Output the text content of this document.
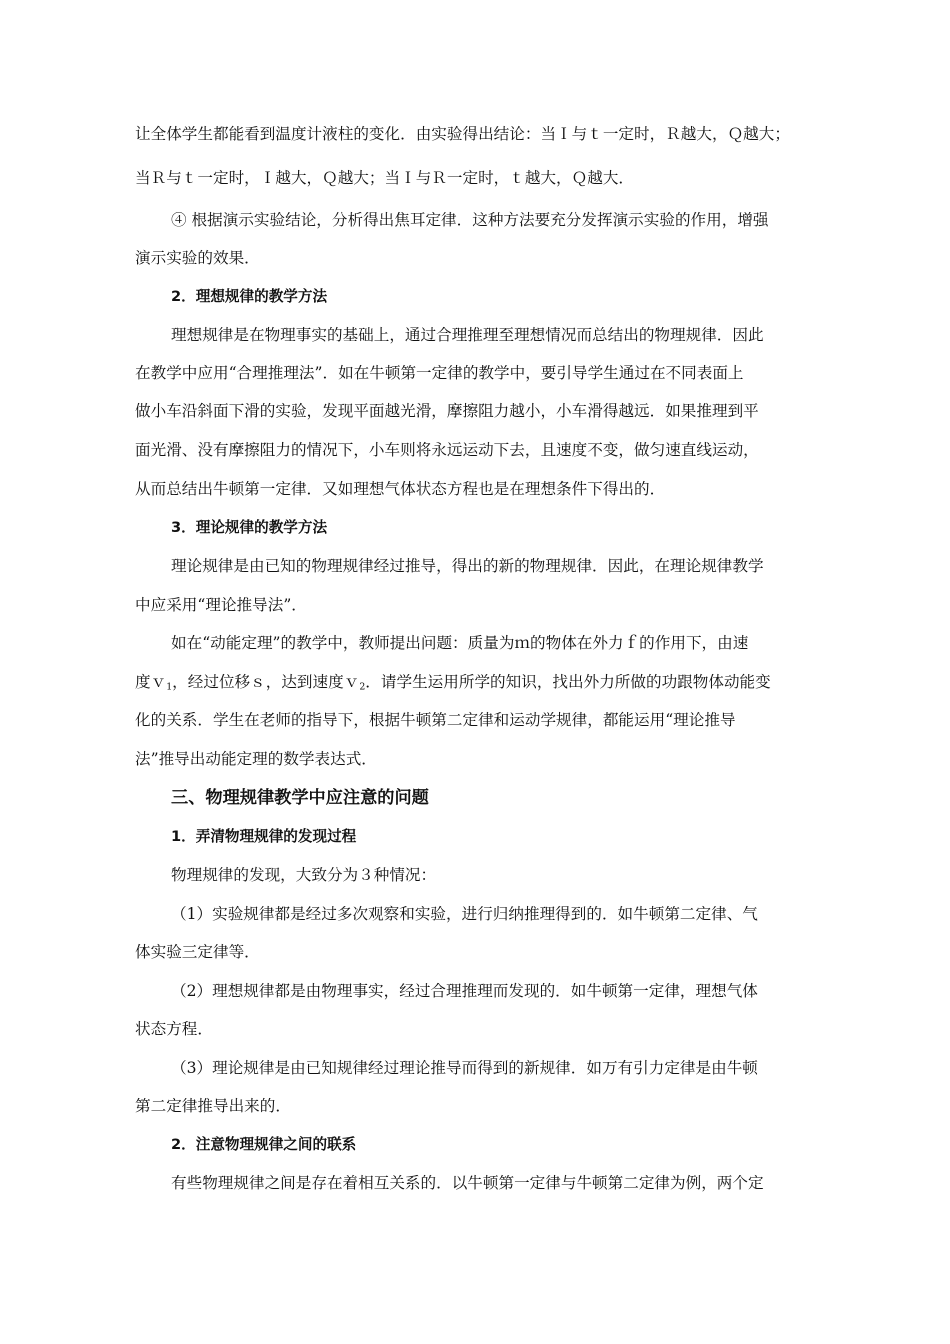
让全体学生都能看到温度计液柱的变化．由实验得出结论：当Ｉ与ｔ一定时，Ｒ越大，Ｑ越大；
当Ｒ与ｔ一定时，Ｉ越大，Ｑ越大；当Ｉ与Ｒ一定时，ｔ越大，Ｑ越大．
④ 根据演示实验结论，分析得出焦耳定律．这种方法要充分发挥演示实验的作用，增强
演示实验的效果．
2．理想规律的教学方法
理想规律是在物理事实的基础上，通过合理推理至理想情况而总结出的物理规律．因此
在教学中应用“合理推理法”．如在牛顿第一定律的教学中，要引导学生通过在不同表面上
做小车沿斜面下滑的实验，发现平面越光滑，摩擦阻力越小，小车滑得越远．如果推理到平
面光滑、没有摩擦阻力的情况下，小车则将永远运动下去，且速度不变，做匀速直线运动，
从而总结出牛顿第一定律．又如理想气体状态方程也是在理想条件下得出的．
3．理论规律的教学方法
理论规律是由已知的物理规律经过推导，得出的新的物理规律．因此，在理论规律教学
中应采用“理论推导法”．
如在“动能定理”的教学中，教师提出问题：质量为ｍ的物体在外力ｆ的作用下，由速
度ｖ$_1$，经过位移ｓ，达到速度ｖ$_2$．请学生运用所学的知识，找出外力所做的功跟物体动能变
化的关系．学生在老师的指导下，根据牛顿第二定律和运动学规律，都能运用“理论推导
法”推导出动能定理的数学表达式．
三、物理规律教学中应注意的问题
1．弄清物理规律的发现过程
物理规律的发现，大致分为３种情况：
（1）实验规律都是经过多次观察和实验，进行归纳推理得到的．如牛顿第二定律、气
体实验三定律等．
（2）理想规律都是由物理事实，经过合理推理而发现的．如牛顿第一定律，理想气体
状态方程．
（3）理论规律是由已知规律经过理论推导而得到的新规律．如万有引力定律是由牛顿
第二定律推导出来的．
2．注意物理规律之间的联系
有些物理规律之间是存在着相互关系的．以牛顿第一定律与牛顿第二定律为例，两个定
